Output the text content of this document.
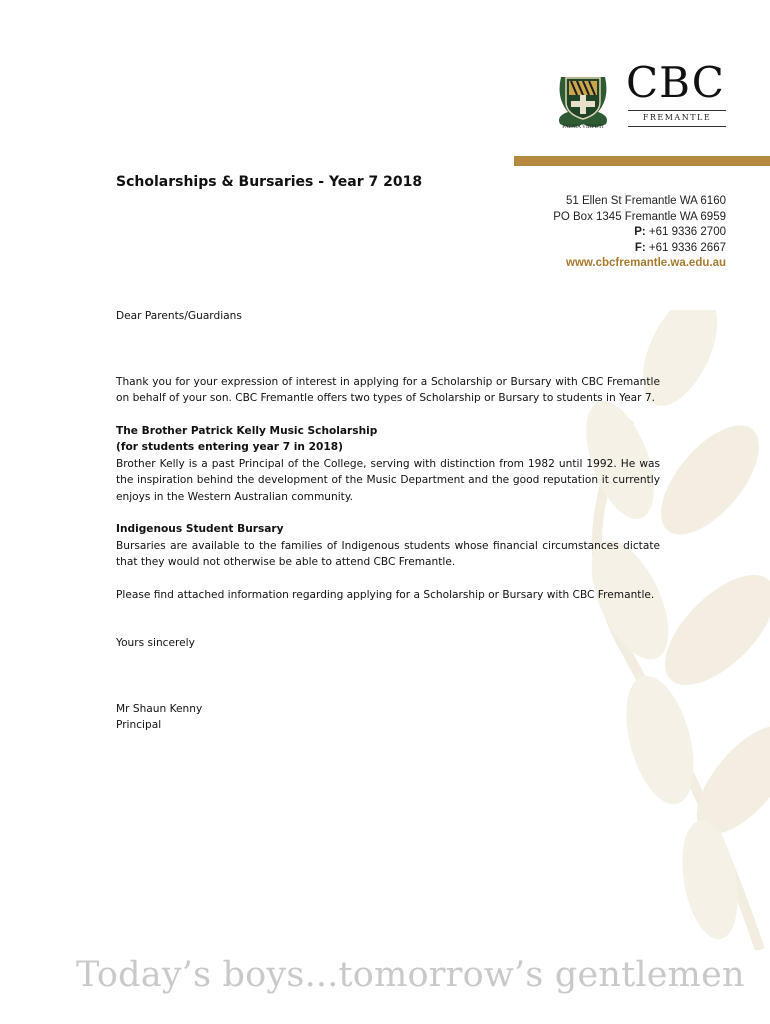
PALMA VIRTUTI
CBC
FREMANTLE
Scholarships & Bursaries - Year 7 2018
51 Ellen St Fremantle WA 6160
PO Box 1345 Fremantle WA 6959
P: +61 9336 2700
F: +61 9336 2667
www.cbcfremantle.wa.edu.au

Dear Parents/Guardians

Thank you for your expression of interest in applying for a Scholarship or Bursary with CBC Fremantle on behalf of your son. CBC Fremantle offers two types of Scholarship or Bursary to students in Year 7.

The Brother Patrick Kelly Music Scholarship

(for students entering year 7 in 2018)

Brother Kelly is a past Principal of the College, serving with distinction from 1982 until 1992. He was the inspiration behind the development of the Music Department and the good reputation it currently enjoys in the Western Australian community.

Indigenous Student Bursary

Bursaries are available to the families of Indigenous students whose financial circumstances dictate that they would not otherwise be able to attend CBC Fremantle.

Please find attached information regarding applying for a Scholarship or Bursary with CBC Fremantle.

Yours sincerely

Mr Shaun Kenny

Principal

Today’s boys...tomorrow’s gentlemen
